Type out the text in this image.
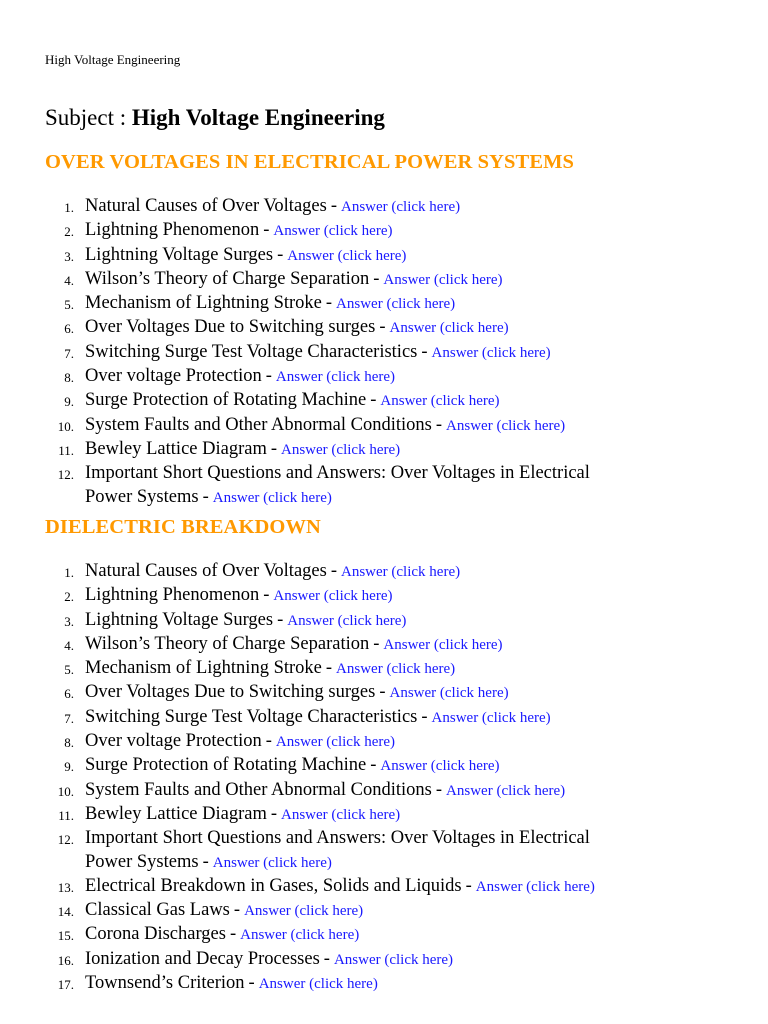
High Voltage Engineering
Subject : High Voltage Engineering
OVER VOLTAGES IN ELECTRICAL POWER SYSTEMS
1. Natural Causes of Over Voltages - Answer (click here)
2. Lightning Phenomenon - Answer (click here)
3. Lightning Voltage Surges - Answer (click here)
4. Wilson’s Theory of Charge Separation - Answer (click here)
5. Mechanism of Lightning Stroke - Answer (click here)
6. Over Voltages Due to Switching surges - Answer (click here)
7. Switching Surge Test Voltage Characteristics - Answer (click here)
8. Over voltage Protection - Answer (click here)
9. Surge Protection of Rotating Machine - Answer (click here)
10. System Faults and Other Abnormal Conditions - Answer (click here)
11. Bewley Lattice Diagram - Answer (click here)
12. Important Short Questions and Answers: Over Voltages in Electrical
Power Systems - Answer (click here)
DIELECTRIC BREAKDOWN
1. Natural Causes of Over Voltages - Answer (click here)
2. Lightning Phenomenon - Answer (click here)
3. Lightning Voltage Surges - Answer (click here)
4. Wilson’s Theory of Charge Separation - Answer (click here)
5. Mechanism of Lightning Stroke - Answer (click here)
6. Over Voltages Due to Switching surges - Answer (click here)
7. Switching Surge Test Voltage Characteristics - Answer (click here)
8. Over voltage Protection - Answer (click here)
9. Surge Protection of Rotating Machine - Answer (click here)
10. System Faults and Other Abnormal Conditions - Answer (click here)
11. Bewley Lattice Diagram - Answer (click here)
12. Important Short Questions and Answers: Over Voltages in Electrical
Power Systems - Answer (click here)
13. Electrical Breakdown in Gases, Solids and Liquids - Answer (click here)
14. Classical Gas Laws - Answer (click here)
15. Corona Discharges - Answer (click here)
16. Ionization and Decay Processes - Answer (click here)
17. Townsend’s Criterion - Answer (click here)
